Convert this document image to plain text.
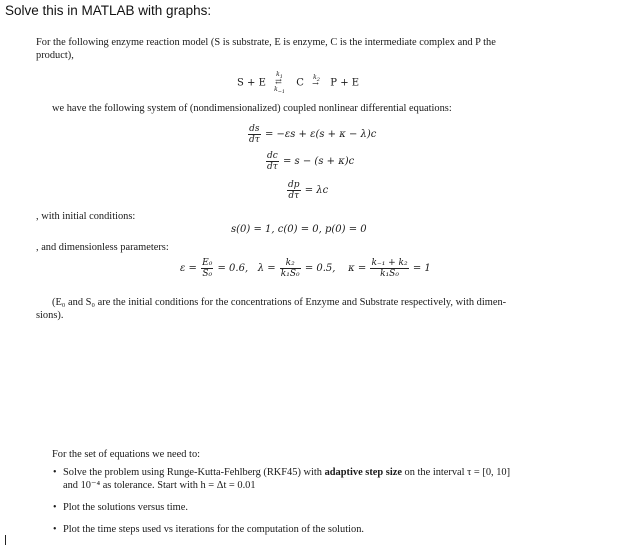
Solve this in MATLAB with graphs:
For the following enzyme reaction model (S is substrate, E is enzyme, C is the intermediate complex and P the
product),
S + E
$k_1$
⇄
$k_{-1}$
C $k_2$
→ P + E
we have the following system of (nondimensionalized) coupled nonlinear differential equations:
$\frac{ds}{d\tau} = -\varepsilon s + \varepsilon(s + \kappa - \lambda)c$
$\frac{dc}{d\tau} = s - (s + \kappa)c$
$\frac{dp}{d\tau} = \lambda c$
, with initial conditions:
s(0) = 1, c(0) = 0, p(0) = 0
, and dimensionless parameters:
$\varepsilon = \frac{\text{E₀}}{\text{S₀}} = 0.6$, $\lambda = \frac{\text{k₂}}{\text{k₁S₀}} = 0.5$, $\kappa = \frac{\text{k₋₁ + k₂}}{\text{k₁S₀}} = 1$
(E₀ and S₀ are the initial conditions for the concentrations of Enzyme and Substrate respectively, with dimen-
sions).
For the set of equations we need to:
• Solve the problem using Runge-Kutta-Fehlberg (RKF45) with adaptive step size on the interval τ = [0, 10]
and 10⁻⁴ as tolerance. Start with h = Δt = 0.01
• Plot the solutions versus time.
• Plot the time steps used vs iterations for the computation of the solution.
